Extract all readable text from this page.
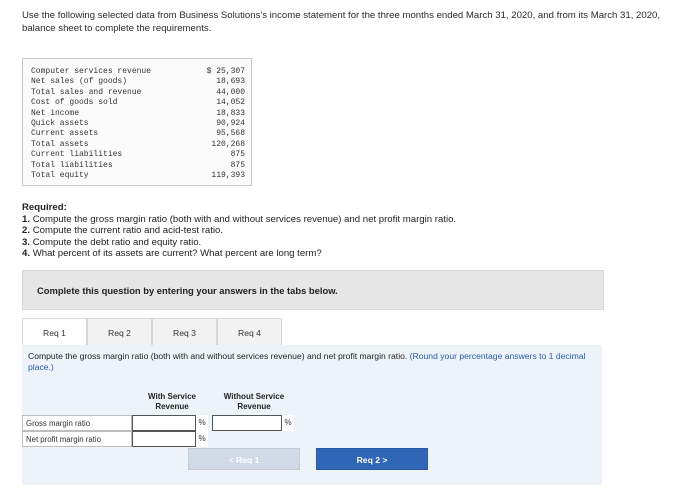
Use the following selected data from Business Solutions's income statement for the three months ended March 31, 2020, and from its March 31, 2020, balance sheet to complete the requirements.
Computer services revenue	$ 25,307
Net sales (of goods)	18,693
Total sales and revenue	44,000
Cost of goods sold	14,052
Net income	18,833
Quick assets	90,924
Current assets	95,568
Total assets	120,268
Current liabilities	875
Total liabilities	875
Total equity	119,393
Required:
1. Compute the gross margin ratio (both with and without services revenue) and net profit margin ratio.
2. Compute the current ratio and acid-test ratio.
3. Compute the debt ratio and equity ratio.
4. What percent of its assets are current? What percent are long term?
Complete this question by entering your answers in the tabs below.
Req 1	Req 2	Req 3	Req 4
Compute the gross margin ratio (both with and without services revenue) and net profit margin ratio. (Round your percentage answers to 1 decimal place.)
With Service Revenue
Without Service Revenue
Gross margin ratio	%	%
Net profit margin ratio	%
< Req 1	Req 2 >
